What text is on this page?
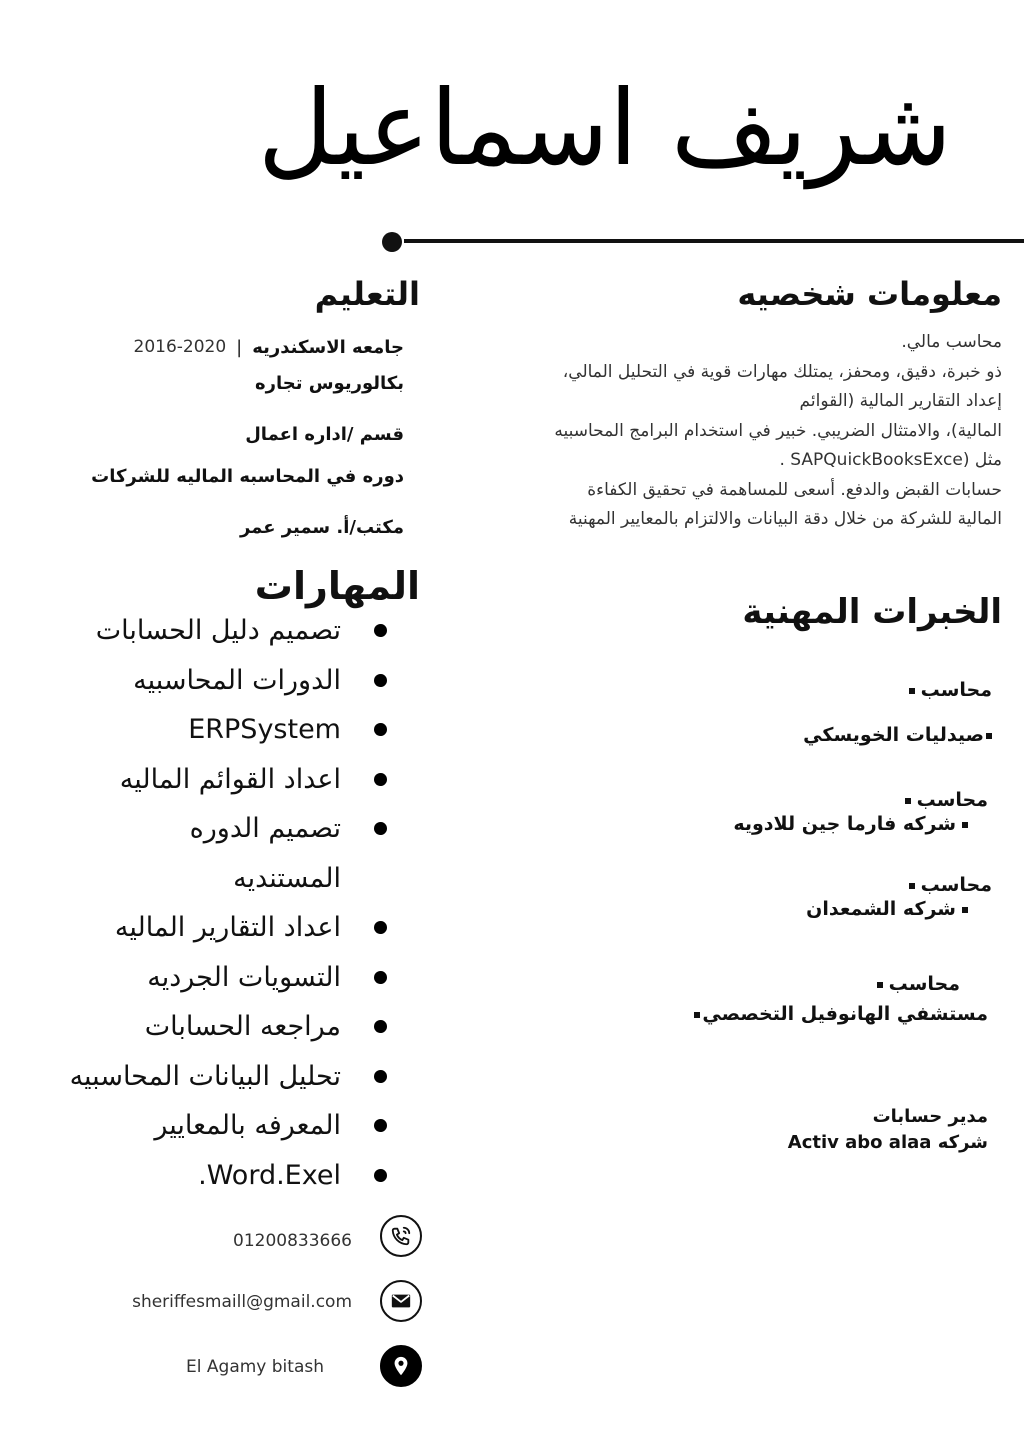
شريف اسماعيل
معلومات شخصيه
محاسب مالي.
ذو خبرة، دقيق، ومحفز، يمتلك مهارات قوية في التحليل المالي،
إعداد التقارير المالية (القوائم
المالية)، والامتثال الضريبي. خبير في استخدام البرامج المحاسبيه
مثل (SAPQuickBooksExce .
حسابات القبض والدفع. أسعى للمساهمة في تحقيق الكفاءة
المالية للشركة من خلال دقة البيانات والالتزام بالمعايير المهنية
التعليم
جامعه الاسكندريه
|
2016-2020
بكالوريوس تجاره
قسم /اداره اعمال
دوره في المحاسبه الماليه للشركات
مكتب/أ. سمير عمر
المهارات
تصميم دليل الحسابات
الدورات المحاسبيه
ERPSystem
اعداد القوائم الماليه
تصميم الدوره المستنديه
اعداد التقارير الماليه
التسويات الجرديه
مراجعه الحسابات
تحليل البيانات المحاسبيه
المعرفه بالمعايير
Word.Exel.
الخبرات المهنية
محاسب
صيدليات الخويسكي
محاسب
شركه فارما جين للادويه
محاسب
شركه الشمعدان
محاسب
مستشفي الهانوفيل التخصصي
مدير حسابات
شركه Activ abo alaa
01200833666
sheriffesmaill@gmail.com
El Agamy bitash
